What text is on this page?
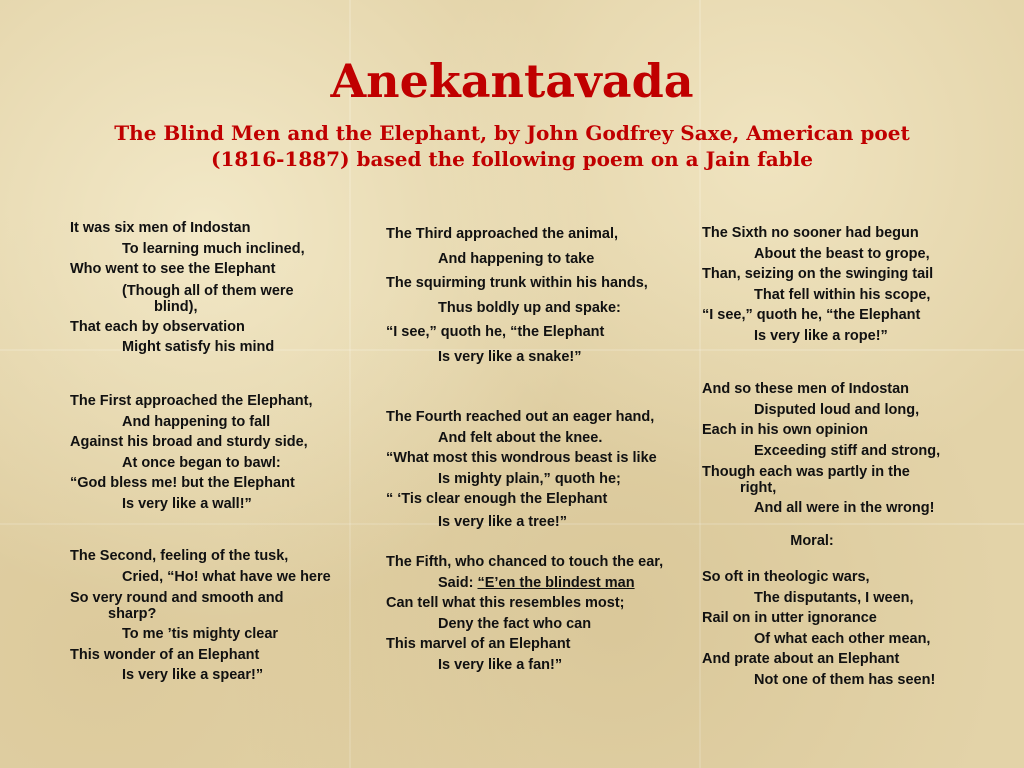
Anekantavada
The Blind Men and the Elephant, by John Godfrey Saxe, American poet
(1816-1887) based the following poem on a Jain fable
It was six men of Indostan
To learning much inclined,
Who went to see the Elephant
(Though all of them were
blind),
That each by observation
Might satisfy his mind
The First approached the Elephant,
And happening to fall
Against his broad and sturdy side,
At once began to bawl:
“God bless me! but the Elephant
Is very like a wall!”
The Second, feeling of the tusk,
Cried, “Ho! what have we here
So very round and smooth and
sharp?
To me ’tis mighty clear
This wonder of an Elephant
Is very like a spear!”
The Third approached the animal,
And happening to take
The squirming trunk within his hands,
Thus boldly up and spake:
“I see,” quoth he, “the Elephant
Is very like a snake!”
The Fourth reached out an eager hand,
And felt about the knee.
“What most this wondrous beast is like
Is mighty plain,” quoth he;
“ ‘Tis clear enough the Elephant
Is very like a tree!”
The Fifth, who chanced to touch the ear,
Said: “E’en the blindest man
Can tell what this resembles most;
Deny the fact who can
This marvel of an Elephant
Is very like a fan!”
The Sixth no sooner had begun
About the beast to grope,
Than, seizing on the swinging tail
That fell within his scope,
“I see,” quoth he, “the Elephant
Is very like a rope!”
And so these men of Indostan
Disputed loud and long,
Each in his own opinion
Exceeding stiff and strong,
Though each was partly in the
right,
And all were in the wrong!
Moral:
So oft in theologic wars,
The disputants, I ween,
Rail on in utter ignorance
Of what each other mean,
And prate about an Elephant
Not one of them has seen!
